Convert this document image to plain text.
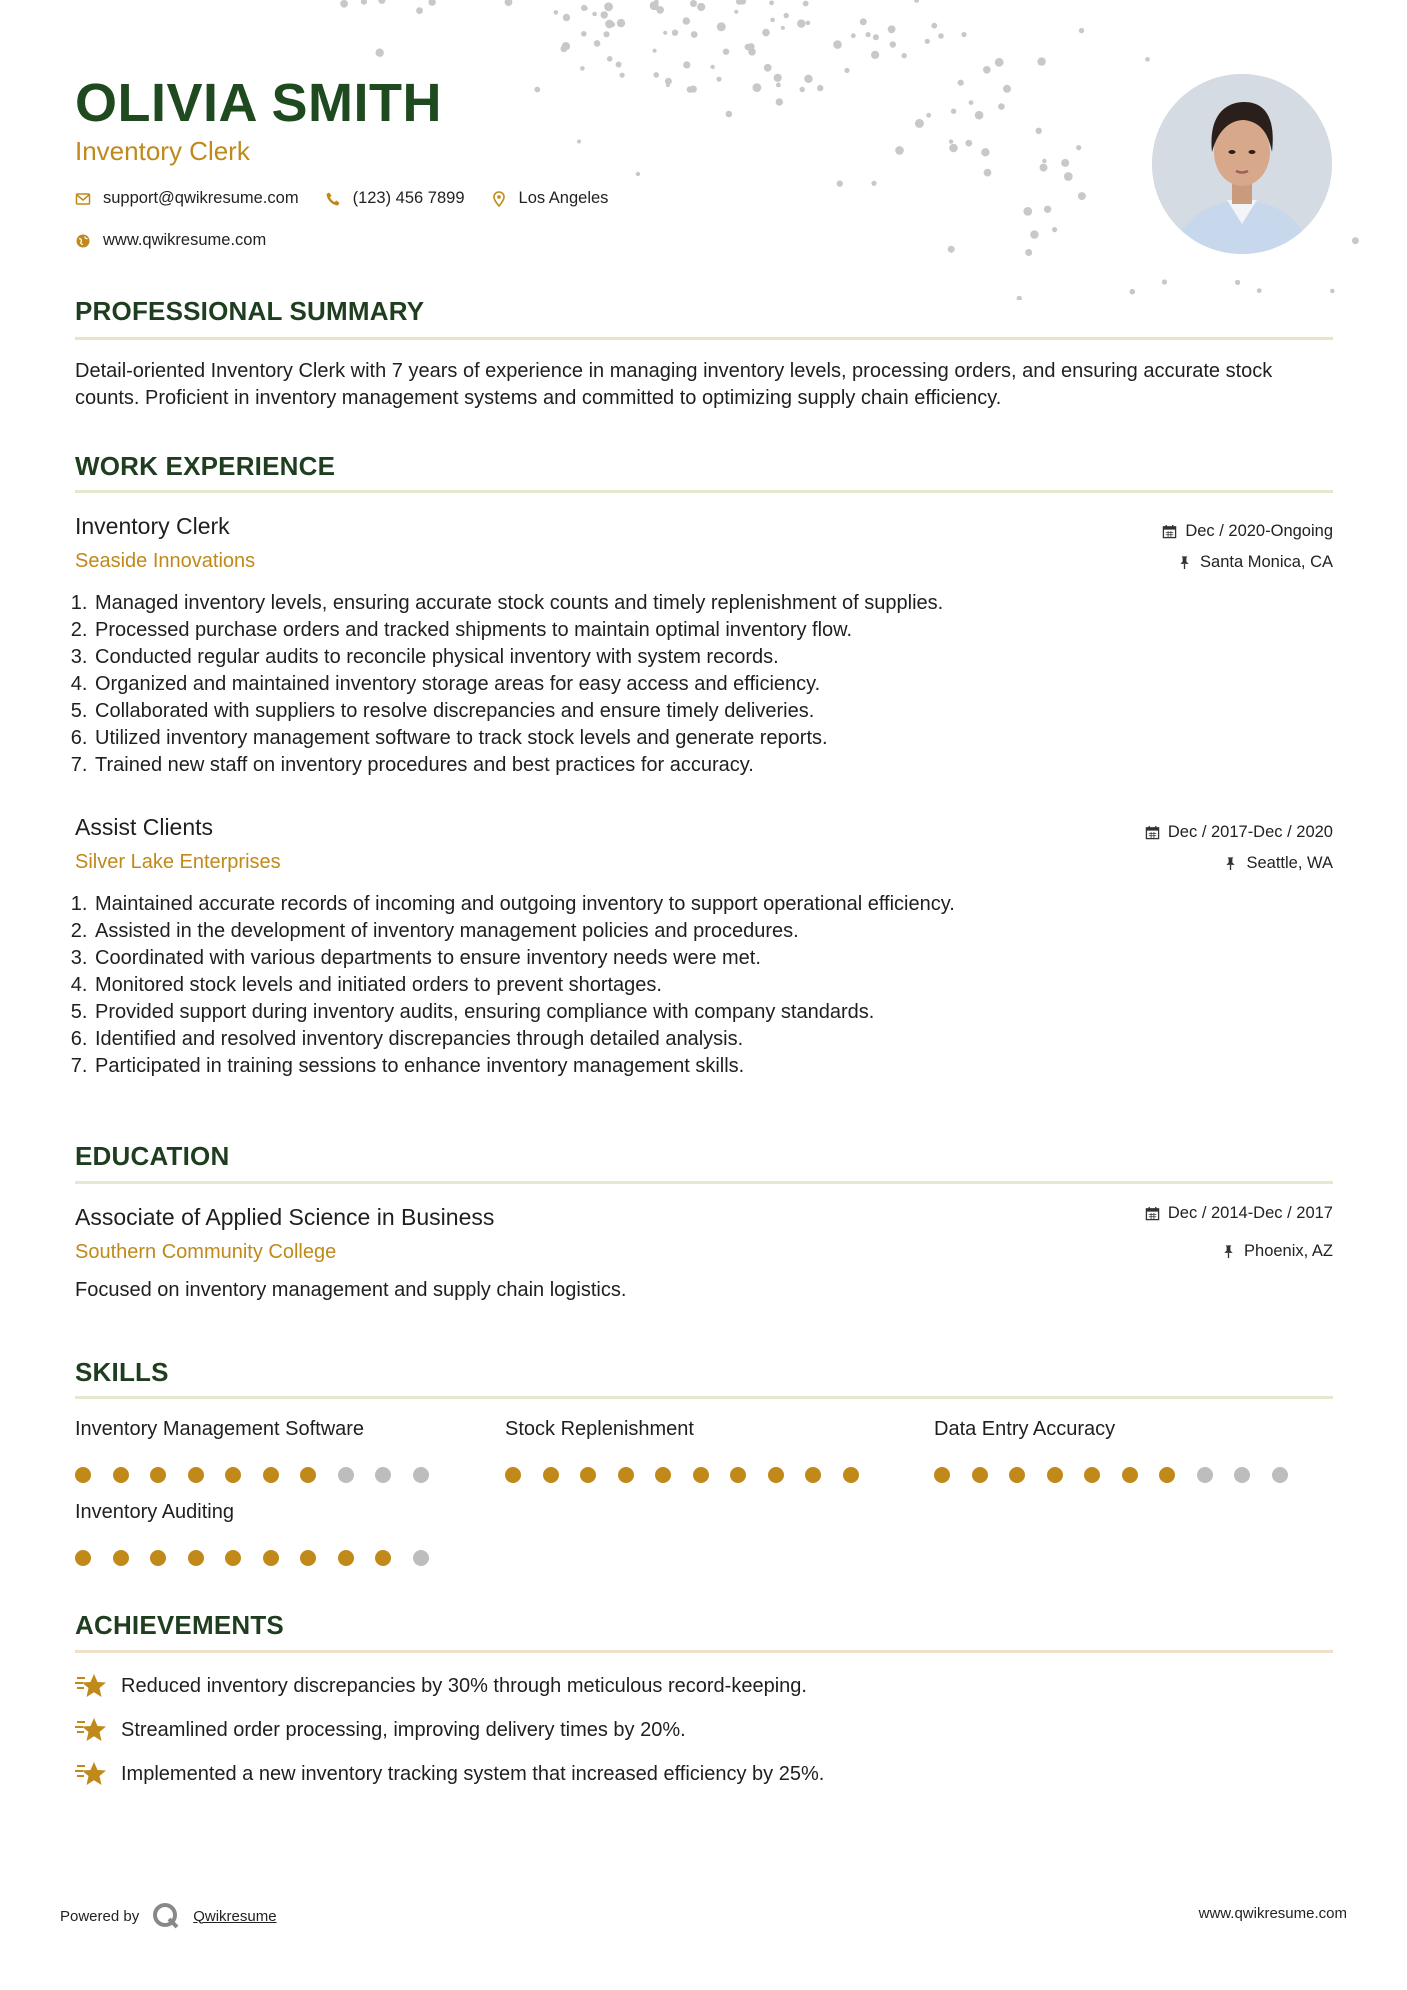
OLIVIA SMITH
Inventory Clerk
support@qwikresume.com	(123) 456 7899	Los Angeles
www.qwikresume.com
PROFESSIONAL SUMMARY
Detail-oriented Inventory Clerk with 7 years of experience in managing inventory levels, processing orders, and ensuring accurate stock counts. Proficient in inventory management systems and committed to optimizing supply chain efficiency.
WORK EXPERIENCE
Inventory Clerk
Seaside Innovations
Dec / 2020-Ongoing
Santa Monica, CA
1. Managed inventory levels, ensuring accurate stock counts and timely replenishment of supplies.
2. Processed purchase orders and tracked shipments to maintain optimal inventory flow.
3. Conducted regular audits to reconcile physical inventory with system records.
4. Organized and maintained inventory storage areas for easy access and efficiency.
5. Collaborated with suppliers to resolve discrepancies and ensure timely deliveries.
6. Utilized inventory management software to track stock levels and generate reports.
7. Trained new staff on inventory procedures and best practices for accuracy.
Assist Clients
Silver Lake Enterprises
Dec / 2017-Dec / 2020
Seattle, WA
1. Maintained accurate records of incoming and outgoing inventory to support operational efficiency.
2. Assisted in the development of inventory management policies and procedures.
3. Coordinated with various departments to ensure inventory needs were met.
4. Monitored stock levels and initiated orders to prevent shortages.
5. Provided support during inventory audits, ensuring compliance with company standards.
6. Identified and resolved inventory discrepancies through detailed analysis.
7. Participated in training sessions to enhance inventory management skills.
EDUCATION
Associate of Applied Science in Business
Southern Community College
Dec / 2014-Dec / 2017
Phoenix, AZ
Focused on inventory management and supply chain logistics.
SKILLS
Inventory Management Software	Stock Replenishment	Data Entry Accuracy
Inventory Auditing
ACHIEVEMENTS
Reduced inventory discrepancies by 30% through meticulous record-keeping.
Streamlined order processing, improving delivery times by 20%.
Implemented a new inventory tracking system that increased efficiency by 25%.
Powered by	Qwikresume	www.qwikresume.com
